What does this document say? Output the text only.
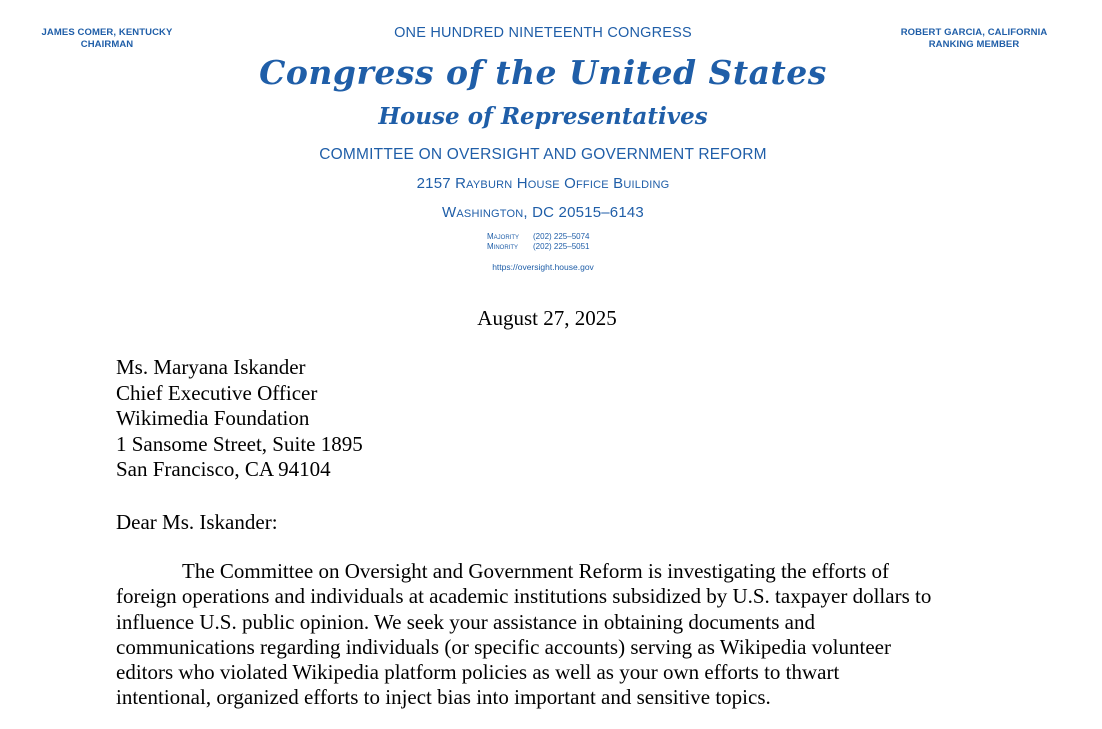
JAMES COMER, KENTUCKY
CHAIRMAN
ROBERT GARCIA, CALIFORNIA
RANKING MEMBER
ONE HUNDRED NINETEENTH CONGRESS
Congress of the United States
House of Representatives
COMMITTEE ON OVERSIGHT AND GOVERNMENT REFORM
2157 Rayburn House Office Building
Washington, DC 20515–6143
Majority (202) 225–5074
Minority (202) 225–5051
https://oversight.house.gov
August 27, 2025
Ms. Maryana Iskander
Chief Executive Officer
Wikimedia Foundation
1 Sansome Street, Suite 1895
San Francisco, CA 94104
Dear Ms. Iskander:
The Committee on Oversight and Government Reform is investigating the efforts of
foreign operations and individuals at academic institutions subsidized by U.S. taxpayer dollars to
influence U.S. public opinion. We seek your assistance in obtaining documents and
communications regarding individuals (or specific accounts) serving as Wikipedia volunteer
editors who violated Wikipedia platform policies as well as your own efforts to thwart
intentional, organized efforts to inject bias into important and sensitive topics.
